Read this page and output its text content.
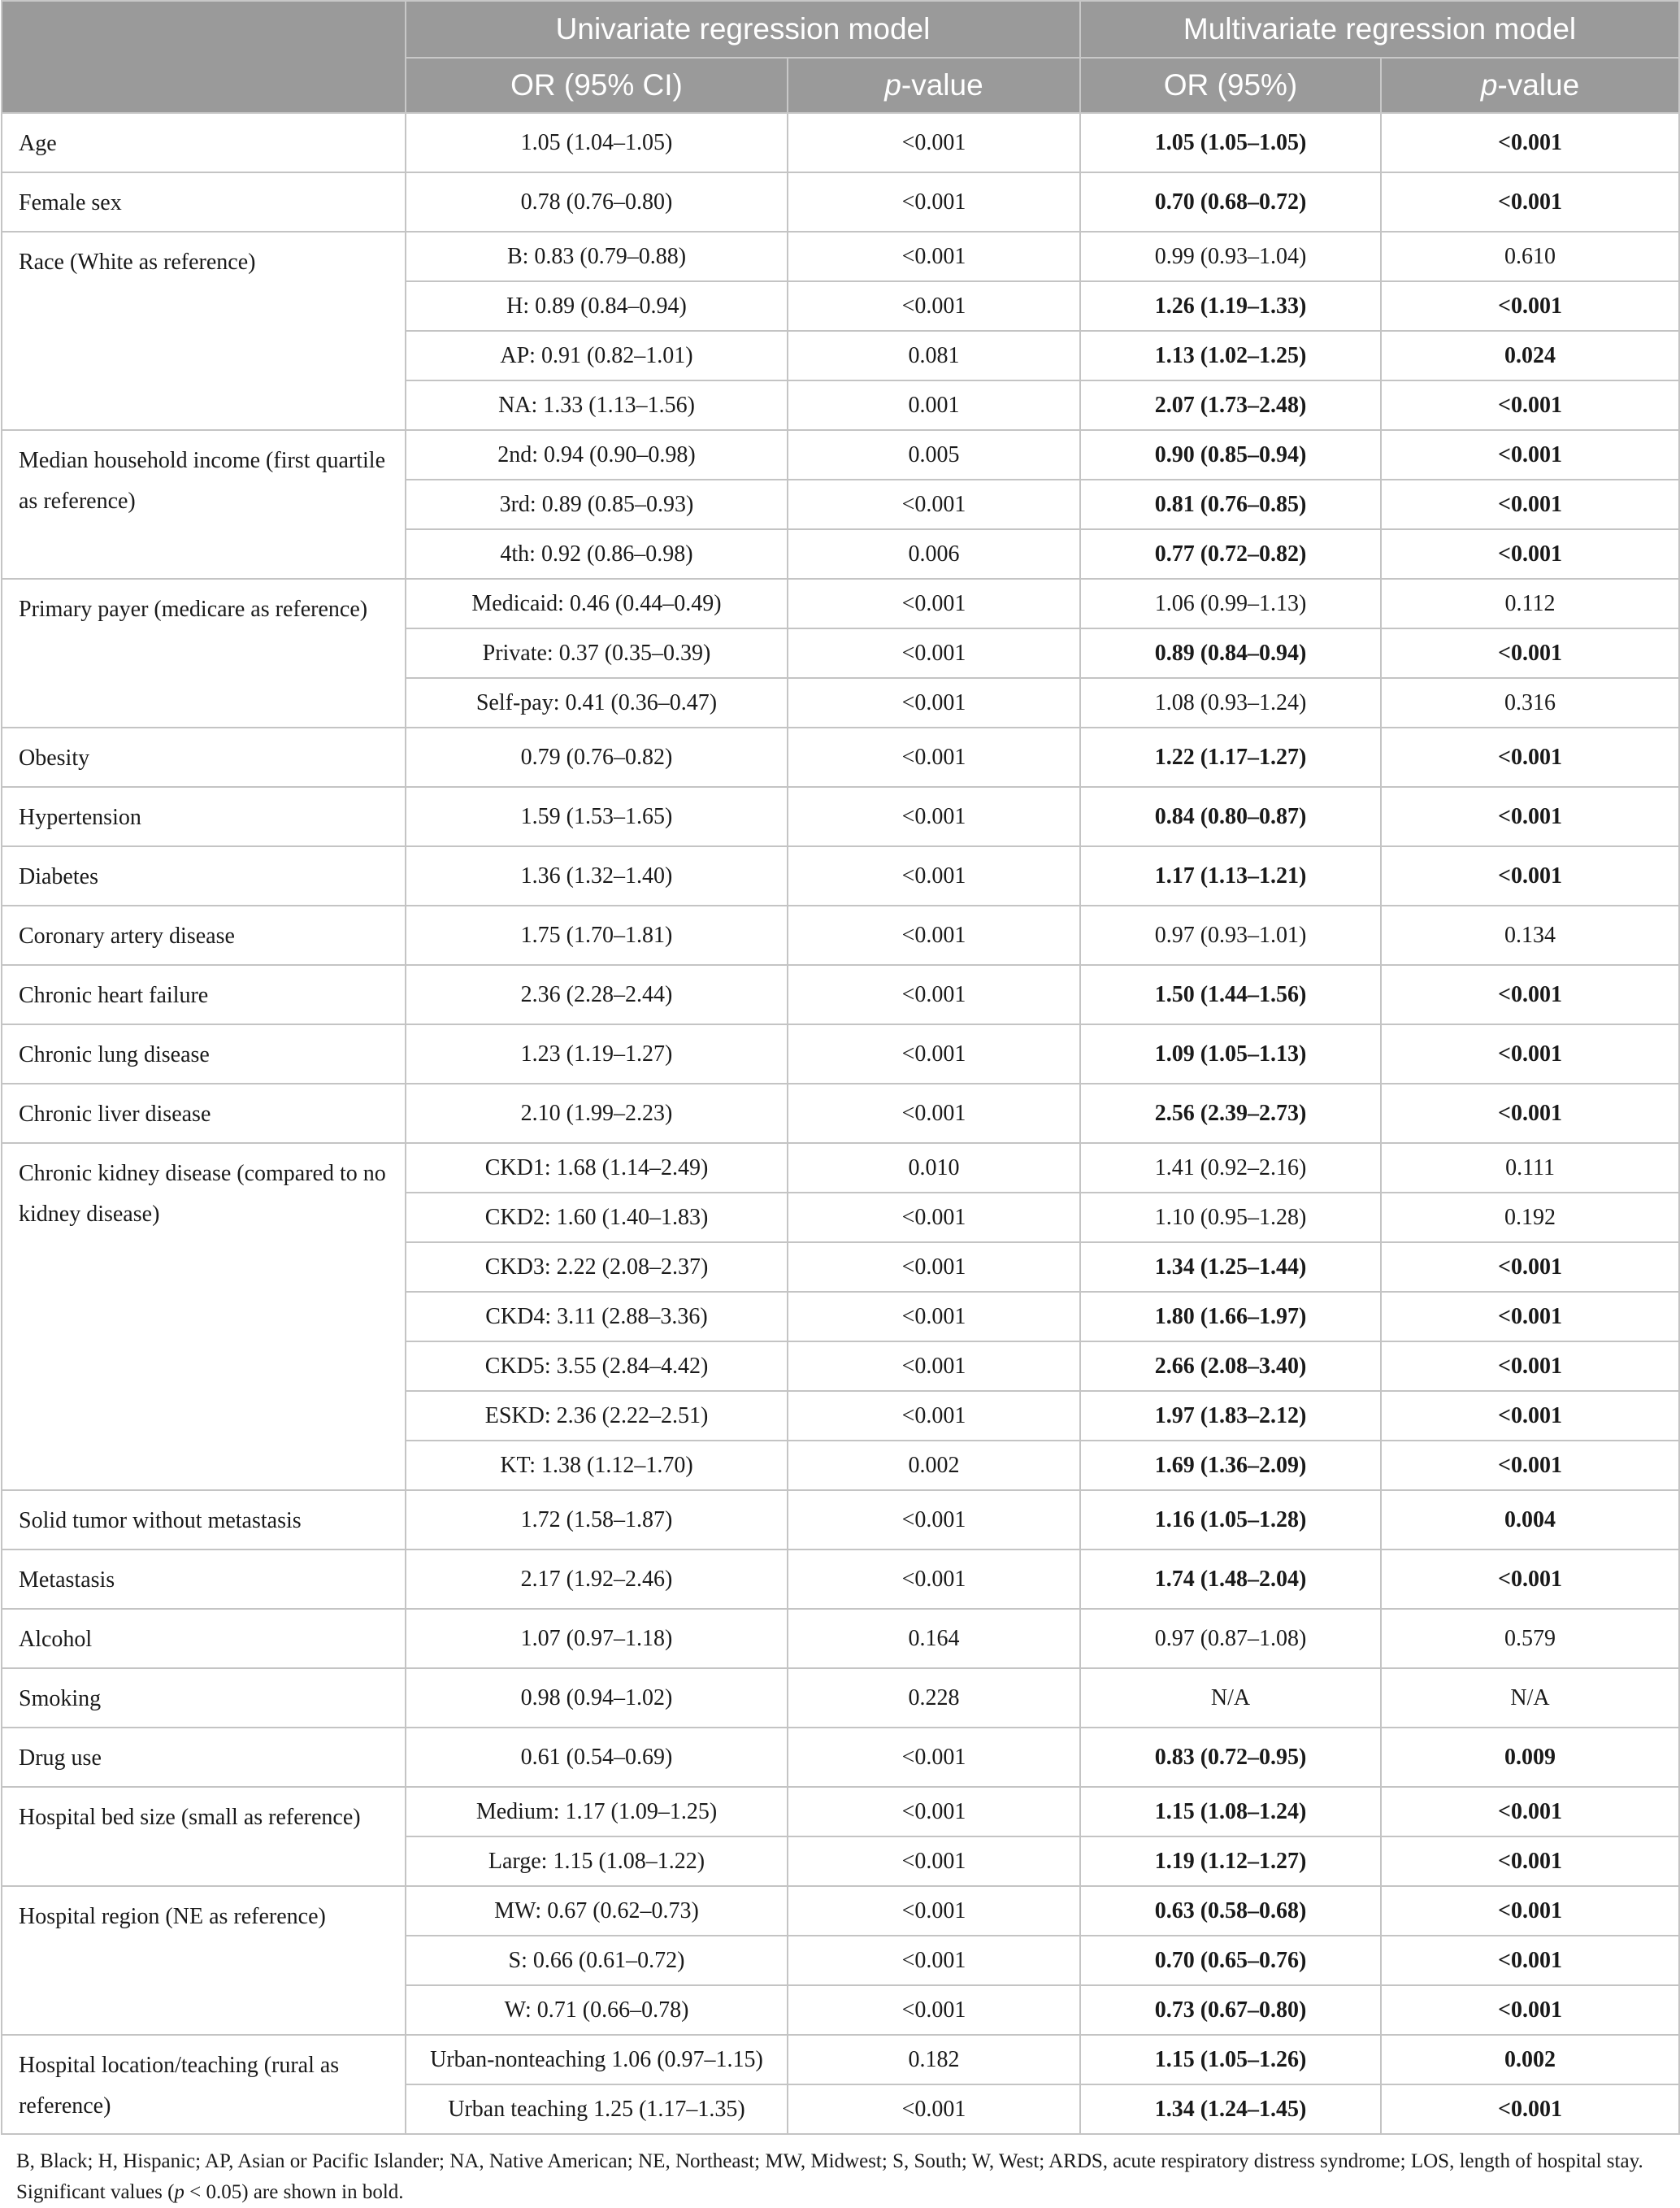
	Univariate regression model		Multivariate regression model	
	OR (95% CI)	p-value	OR (95%)	p-value
Age	1.05 (1.04–1.05)	<0.001	1.05 (1.05–1.05)	<0.001
Female sex	0.78 (0.76–0.80)	<0.001	0.70 (0.68–0.72)	<0.001
Race (White as reference)	B: 0.83 (0.79–0.88)	<0.001	0.99 (0.93–1.04)	0.610
	H: 0.89 (0.84–0.94)	<0.001	1.26 (1.19–1.33)	<0.001
	AP: 0.91 (0.82–1.01)	0.081	1.13 (1.02–1.25)	0.024
	NA: 1.33 (1.13–1.56)	0.001	2.07 (1.73–2.48)	<0.001
Median household income (first quartile as reference)	2nd: 0.94 (0.90–0.98)	0.005	0.90 (0.85–0.94)	<0.001
	3rd: 0.89 (0.85–0.93)	<0.001	0.81 (0.76–0.85)	<0.001
	4th: 0.92 (0.86–0.98)	0.006	0.77 (0.72–0.82)	<0.001
Primary payer (medicare as reference)	Medicaid: 0.46 (0.44–0.49)	<0.001	1.06 (0.99–1.13)	0.112
	Private: 0.37 (0.35–0.39)	<0.001	0.89 (0.84–0.94)	<0.001
	Self-pay: 0.41 (0.36–0.47)	<0.001	1.08 (0.93–1.24)	0.316
Obesity	0.79 (0.76–0.82)	<0.001	1.22 (1.17–1.27)	<0.001
Hypertension	1.59 (1.53–1.65)	<0.001	0.84 (0.80–0.87)	<0.001
Diabetes	1.36 (1.32–1.40)	<0.001	1.17 (1.13–1.21)	<0.001
Coronary artery disease	1.75 (1.70–1.81)	<0.001	0.97 (0.93–1.01)	0.134
Chronic heart failure	2.36 (2.28–2.44)	<0.001	1.50 (1.44–1.56)	<0.001
Chronic lung disease	1.23 (1.19–1.27)	<0.001	1.09 (1.05–1.13)	<0.001
Chronic liver disease	2.10 (1.99–2.23)	<0.001	2.56 (2.39–2.73)	<0.001
Chronic kidney disease (compared to no kidney disease)	CKD1: 1.68 (1.14–2.49)	0.010	1.41 (0.92–2.16)	0.111
	CKD2: 1.60 (1.40–1.83)	<0.001	1.10 (0.95–1.28)	0.192
	CKD3: 2.22 (2.08–2.37)	<0.001	1.34 (1.25–1.44)	<0.001
	CKD4: 3.11 (2.88–3.36)	<0.001	1.80 (1.66–1.97)	<0.001
	CKD5: 3.55 (2.84–4.42)	<0.001	2.66 (2.08–3.40)	<0.001
	ESKD: 2.36 (2.22–2.51)	<0.001	1.97 (1.83–2.12)	<0.001
	KT: 1.38 (1.12–1.70)	0.002	1.69 (1.36–2.09)	<0.001
Solid tumor without metastasis	1.72 (1.58–1.87)	<0.001	1.16 (1.05–1.28)	0.004
Metastasis	2.17 (1.92–2.46)	<0.001	1.74 (1.48–2.04)	<0.001
Alcohol	1.07 (0.97–1.18)	0.164	0.97 (0.87–1.08)	0.579
Smoking	0.98 (0.94–1.02)	0.228	N/A	N/A
Drug use	0.61 (0.54–0.69)	<0.001	0.83 (0.72–0.95)	0.009
Hospital bed size (small as reference)	Medium: 1.17 (1.09–1.25)	<0.001	1.15 (1.08–1.24)	<0.001
	Large: 1.15 (1.08–1.22)	<0.001	1.19 (1.12–1.27)	<0.001
Hospital region (NE as reference)	MW: 0.67 (0.62–0.73)	<0.001	0.63 (0.58–0.68)	<0.001
	S: 0.66 (0.61–0.72)	<0.001	0.70 (0.65–0.76)	<0.001
	W: 0.71 (0.66–0.78)	<0.001	0.73 (0.67–0.80)	<0.001
Hospital location/teaching (rural as reference)	Urban-nonteaching 1.06 (0.97–1.15)	0.182	1.15 (1.05–1.26)	0.002
	Urban teaching 1.25 (1.17–1.35)	<0.001	1.34 (1.24–1.45)	<0.001
B, Black; H, Hispanic; AP, Asian or Pacific Islander; NA, Native American; NE, Northeast; MW, Midwest; S, South; W, West; ARDS, acute respiratory distress syndrome; LOS, length of hospital stay. Significant values (p < 0.05) are shown in bold.
